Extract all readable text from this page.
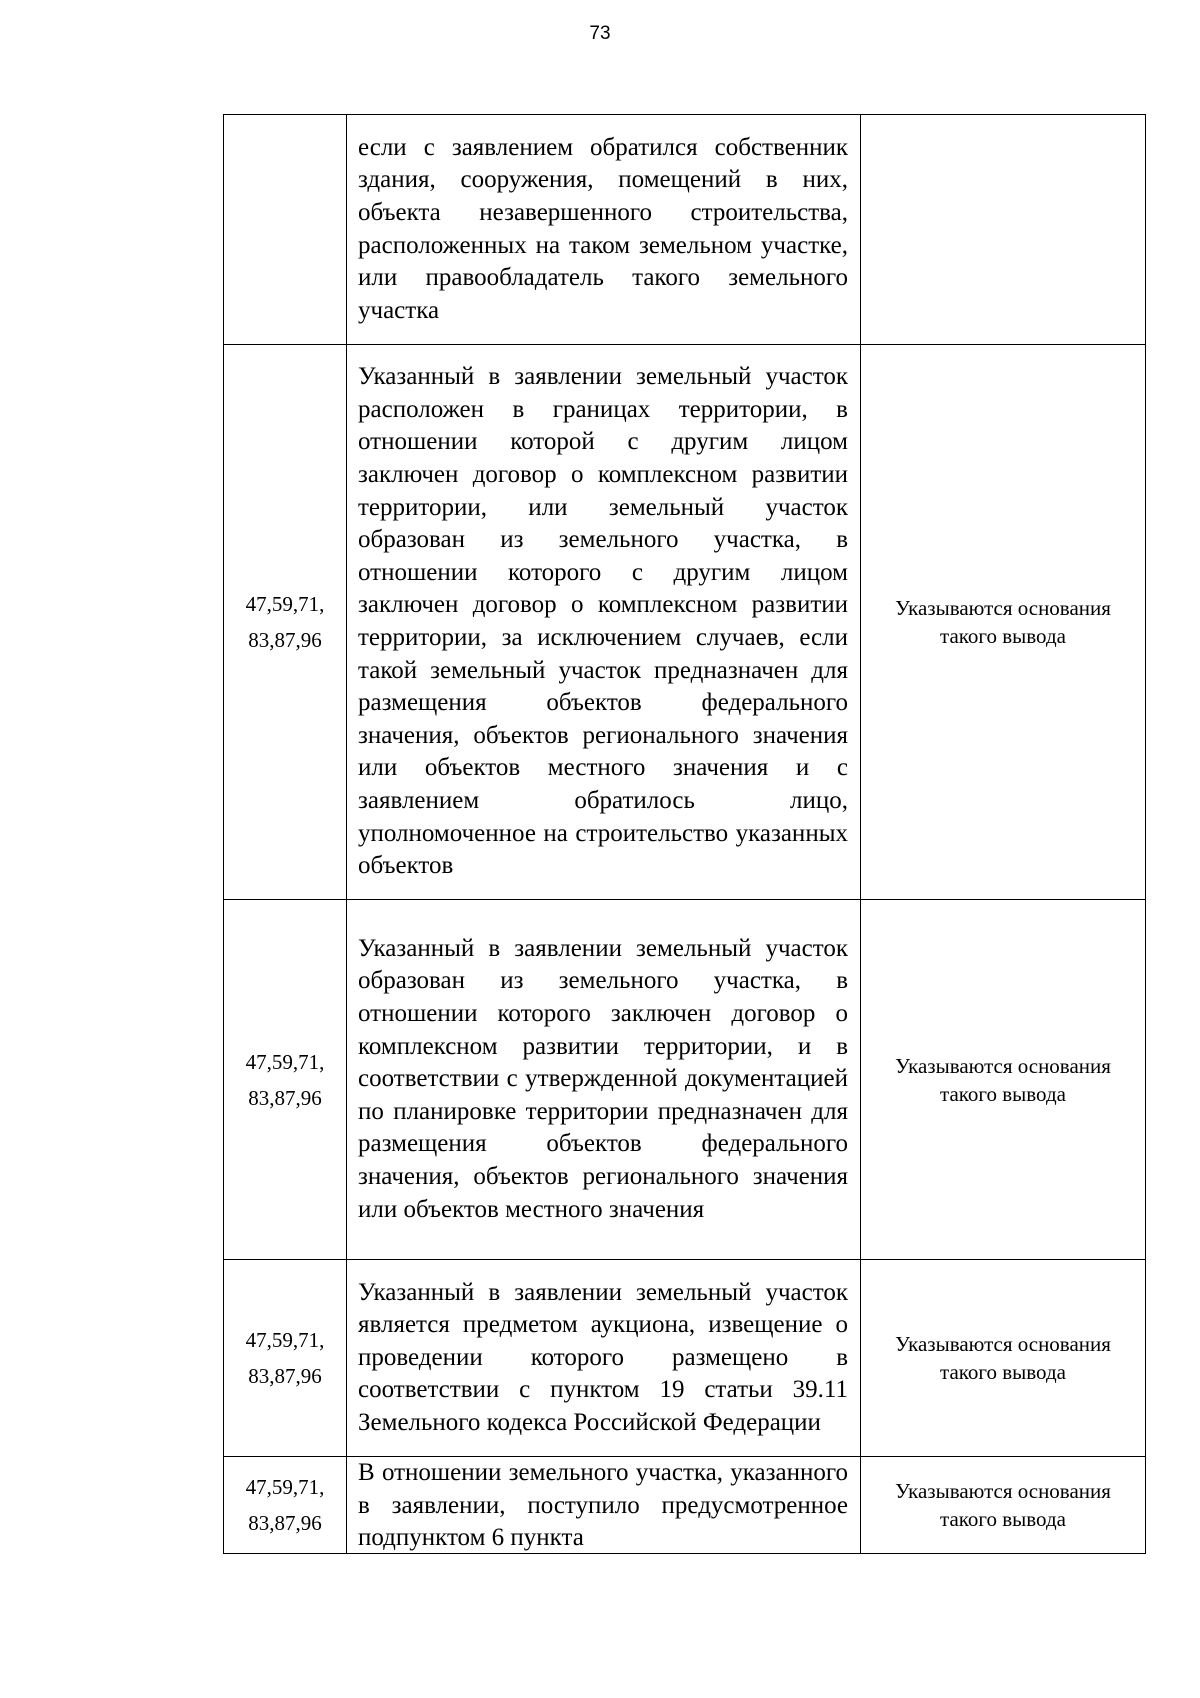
73
	если с заявлением обратился собственник здания, сооружения, помещений в них, объекта незавершенного строительства, расположенных на таком земельном участке, или правообладатель такого земельного участка	

47,59,71,
83,87,96	Указанный в заявлении земельный участок расположен в границах территории, в отношении которой с другим лицом заключен договор о комплексном развитии территории, или земельный участок образован из земельного участка, в отношении которого с другим лицом заключен договор о комплексном развитии территории, за исключением случаев, если такой земельный участок предназначен для размещения объектов федерального значения, объектов регионального значения или объектов местного значения и с заявлением обратилось лицо, уполномоченное на строительство указанных объектов	Указываются основания
такого вывода

47,59,71,
83,87,96	Указанный в заявлении земельный участок образован из земельного участка, в отношении которого заключен договор о комплексном развитии территории, и в соответствии с утвержденной документацией по планировке территории предназначен для размещения объектов федерального значения, объектов регионального значения или объектов местного значения	Указываются основания
такого вывода

47,59,71,
83,87,96	Указанный в заявлении земельный участок является предметом аукциона, извещение о проведении которого размещено в соответствии с пунктом 19 статьи 39.11 Земельного кодекса Российской Федерации	Указываются основания
такого вывода

47,59,71,
83,87,96	В отношении земельного участка, указанного в заявлении, поступило предусмотренное подпунктом 6 пункта	Указываются основания
такого вывода
